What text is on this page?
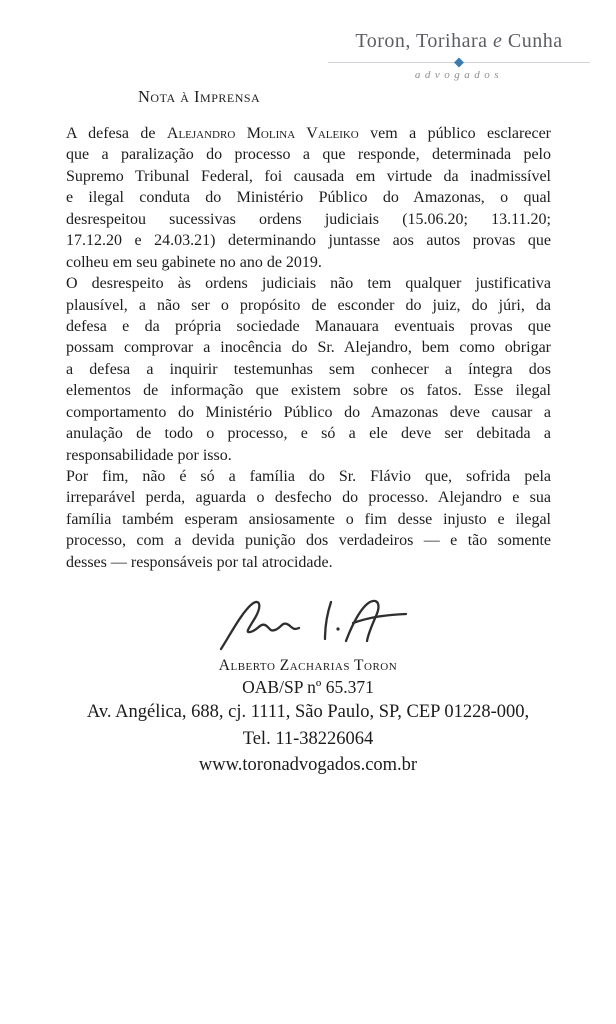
Toron, Torihara e Cunha
advogados
Nota à Imprensa
A defesa de Alejandro Molina Valeiko vem a público esclarecer
que a paralização do processo a que responde, determinada pelo
Supremo Tribunal Federal, foi causada em virtude da inadmissível
e ilegal conduta do Ministério Público do Amazonas, o qual
desrespeitou sucessivas ordens judiciais (15.06.20; 13.11.20;
17.12.20 e 24.03.21) determinando juntasse aos autos provas que
colheu em seu gabinete no ano de 2019.
O desrespeito às ordens judiciais não tem qualquer justificativa
plausível, a não ser o propósito de esconder do juiz, do júri, da
defesa e da própria sociedade Manauara eventuais provas que
possam comprovar a inocência do Sr. Alejandro, bem como obrigar
a defesa a inquirir testemunhas sem conhecer a íntegra dos
elementos de informação que existem sobre os fatos. Esse ilegal
comportamento do Ministério Público do Amazonas deve causar a
anulação de todo o processo, e só a ele deve ser debitada a
responsabilidade por isso.
Por fim, não é só a família do Sr. Flávio que, sofrida pela
irreparável perda, aguarda o desfecho do processo. Alejandro e sua
família também esperam ansiosamente o fim desse injusto e ilegal
processo, com a devida punição dos verdadeiros — e tão somente
desses — responsáveis por tal atrocidade.
Alberto Zacharias Toron
OAB/SP nº 65.371
Av. Angélica, 688, cj. 1111, São Paulo, SP, CEP 01228-000,
Tel. 11-38226064
www.toronadvogados.com.br
